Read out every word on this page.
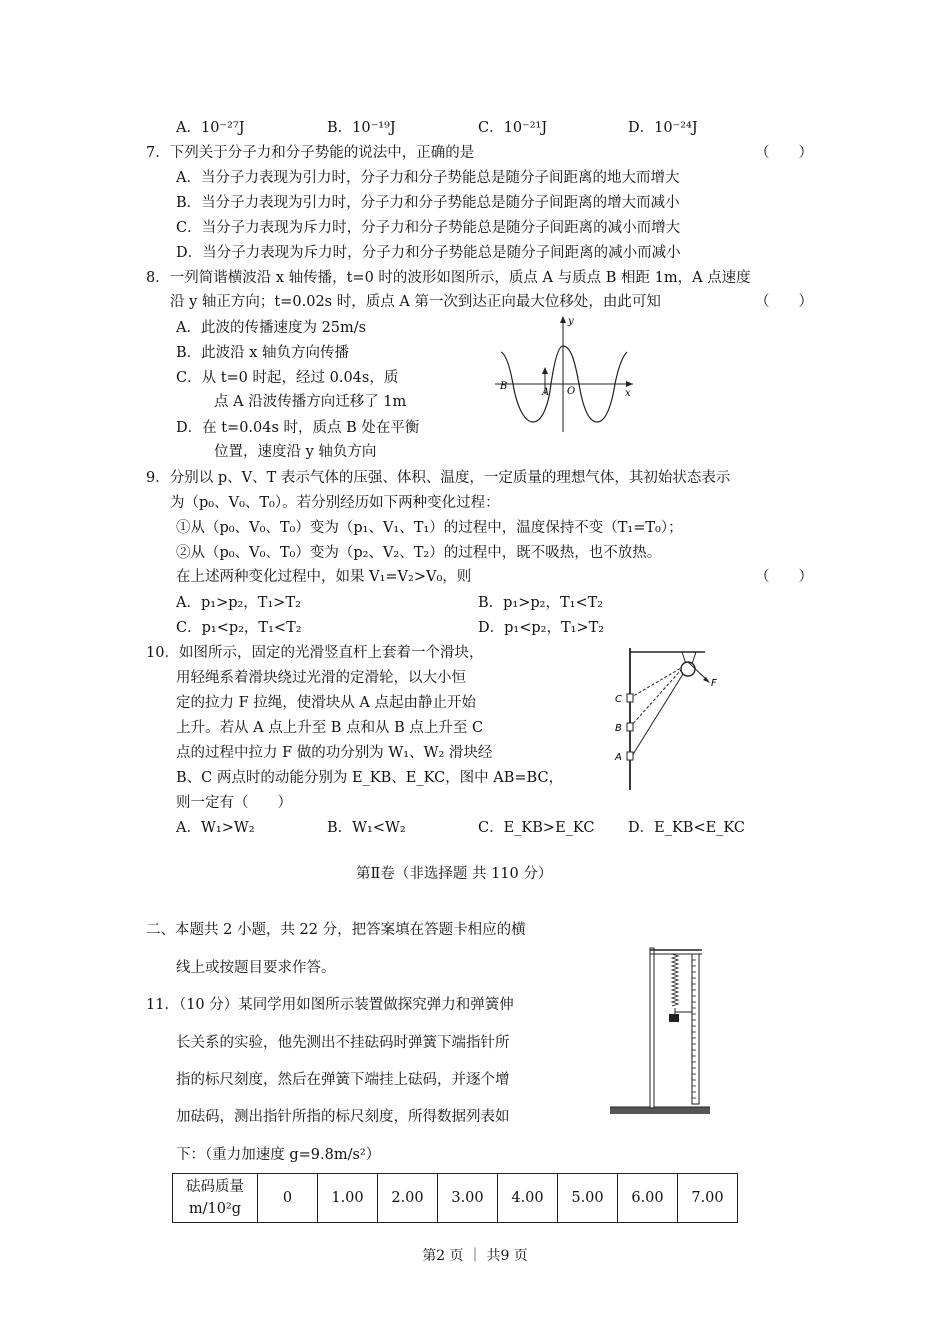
A．10⁻²⁷J	B．10⁻¹⁹J	C．10⁻²¹J	D．10⁻²⁴J
7．下列关于分子力和分子势能的说法中，正确的是	（　　）
A．当分子力表现为引力时，分子力和分子势能总是随分子间距离的地大而增大
B．当分子力表现为引力时，分子力和分子势能总是随分子间距离的增大而减小
C．当分子力表现为斥力时，分子力和分子势能总是随分子间距离的减小而增大
D．当分子力表现为斥力时，分子力和分子势能总是随分子间距离的减小而减小
8．一列简谐横波沿 x 轴传播，t=0 时的波形如图所示，质点 A 与质点 B 相距 1m，A 点速度
沿 y 轴正方向；t=0.02s 时，质点 A 第一次到达正向最大位移处，由此可知	（　　）
A．此波的传播速度为 25m/s
B．此波沿 x 轴负方向传播
C．从 t=0 时起，经过 0.04s，质
点 A 沿波传播方向迁移了 1m
D．在 t=0.04s 时，质点 B 处在平衡
位置，速度沿 y 轴负方向
y
x
B
A O
9．分别以 p、V、T 表示气体的压强、体积、温度，一定质量的理想气体，其初始状态表示
为（p₀、V₀、T₀）。若分别经历如下两种变化过程：
①从（p₀、V₀、T₀）变为（p₁、V₁、T₁）的过程中，温度保持不变（T₁=T₀）；
②从（p₀、V₀、T₀）变为（p₂、V₂、T₂）的过程中，既不吸热，也不放热。
在上述两种变化过程中，如果 V₁=V₂>V₀，则	（　　）
A．p₁>p₂，T₁>T₂	B．p₁>p₂，T₁<T₂
C．p₁<p₂，T₁<T₂	D．p₁<p₂，T₁>T₂
10．如图所示，固定的光滑竖直杆上套着一个滑块，
用轻绳系着滑块绕过光滑的定滑轮，以大小恒
定的拉力 F 拉绳，使滑块从 A 点起由静止开始
上升。若从 A 点上升至 B 点和从 B 点上升至 C
点的过程中拉力 F 做的功分别为 W₁、W₂ 滑块经
B、C 两点时的动能分别为 E_KB、E_KC，图中 AB=BC，
则一定有（　　）
A．W₁>W₂	B．W₁<W₂	C．E_KB>E_KC D．E_KB<E_KC
C
B
A
F
第Ⅱ卷（非选择题 共 110 分）
二、本题共 2 小题，共 22 分，把答案填在答题卡相应的横
线上或按题目要求作答。
11．（10 分）某同学用如图所示装置做探究弹力和弹簧伸
长关系的实验，他先测出不挂砝码时弹簧下端指针所
指的标尺刻度，然后在弹簧下端挂上砝码，并逐个增
加砝码，测出指针所指的标尺刻度，所得数据列表如
下：（重力加速度 g=9.8m/s²）
砝码质量
m/10²g
	0	1.00	2.00	3.00	4.00	5.00	6.00	7.00
第2 页 ｜ 共9 页
